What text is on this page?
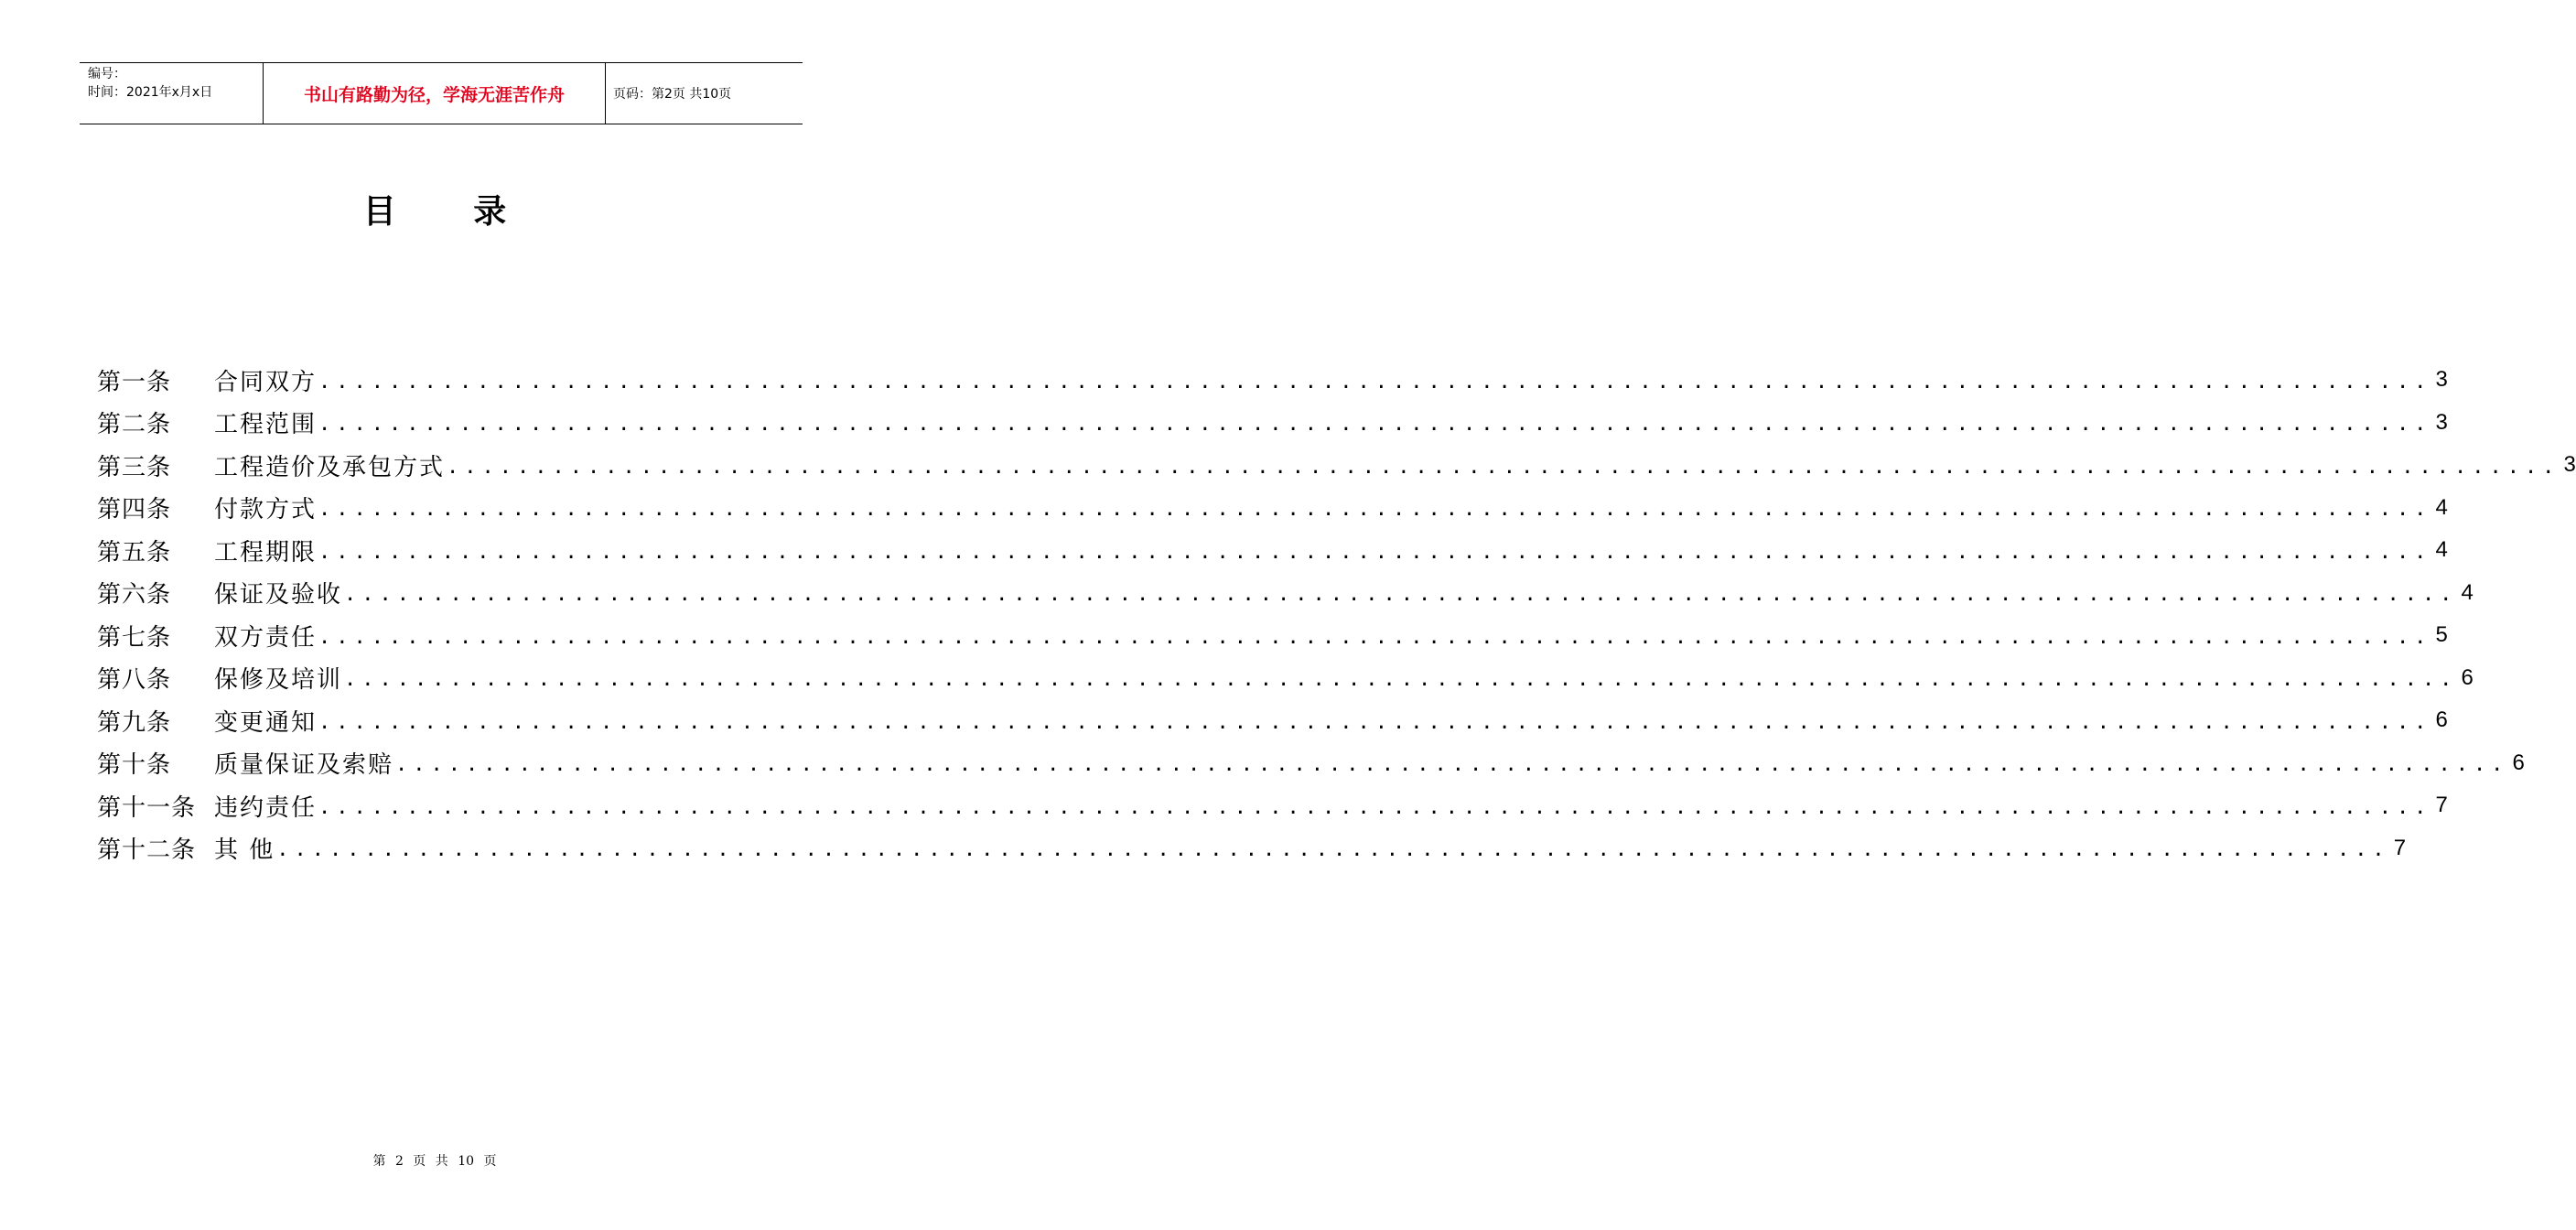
编号：
时间：2021年x月x日	书山有路勤为径，学海无涯苦作舟	页码：第2页 共10页
目 录
第一条	合同双方 ........................................................................................................................ 3
第二条	工程范围 ........................................................................................................................ 3
第三条	工程造价及承包方式 ........................................................................................................................ 3
第四条	付款方式 ........................................................................................................................ 4
第五条	工程期限 ........................................................................................................................ 4
第六条	保证及验收 ........................................................................................................................ 4
第七条	双方责任 ........................................................................................................................ 5
第八条	保修及培训 ........................................................................................................................ 6
第九条	变更通知 ........................................................................................................................ 6
第十条	质量保证及索赔 ........................................................................................................................ 6
第十一条 违约责任 ........................................................................................................................ 7
第十二条 其 他 ........................................................................................................................ 7
第 2 页 共 10 页
